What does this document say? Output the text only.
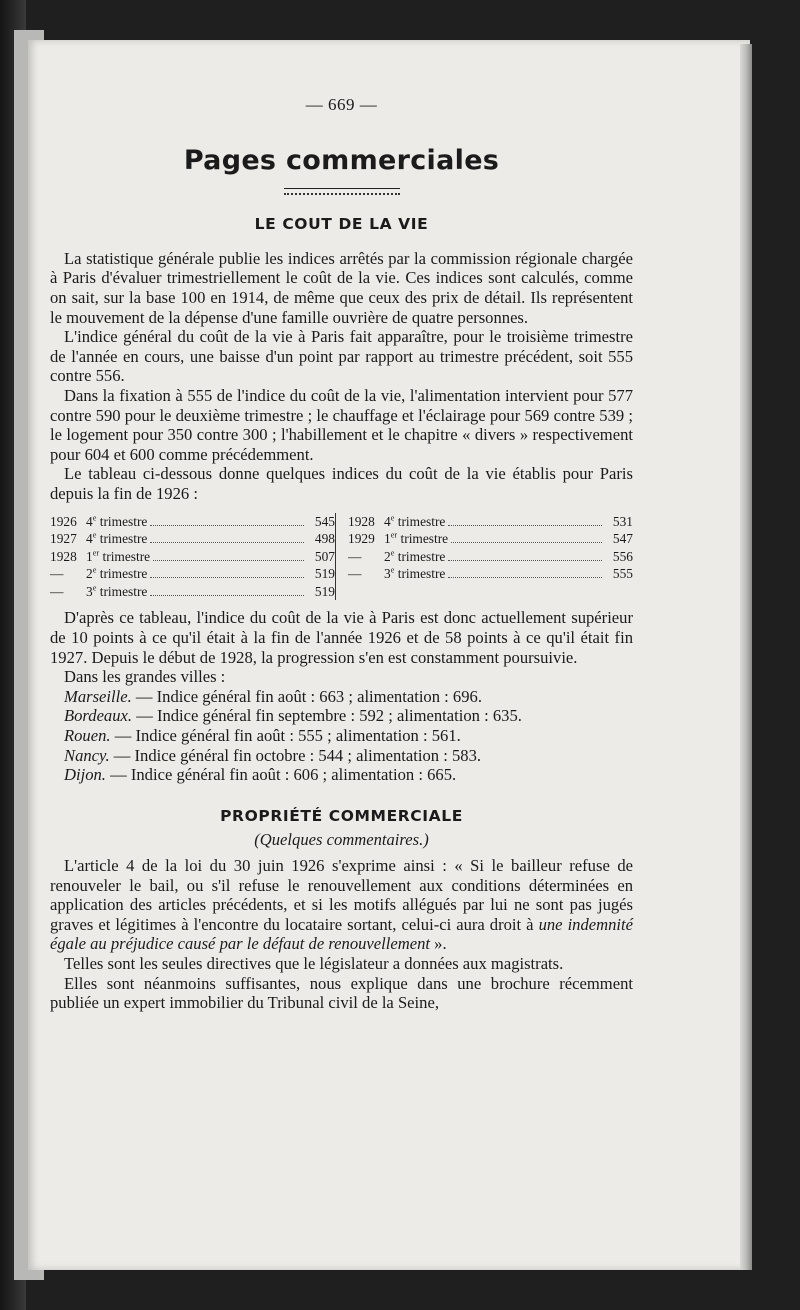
— 669 —
Pages commerciales
LE COUT DE LA VIE

La statistique générale publie les indices arrêtés par la commission régionale chargée à Paris d'évaluer trimestriellement le coût de la vie. Ces indices sont calculés, comme on sait, sur la base 100 en 1914, de même que ceux des prix de détail. Ils représentent le mouvement de la dépense d'une famille ouvrière de quatre personnes.

L'indice général du coût de la vie à Paris fait apparaître, pour le troisième trimestre de l'année en cours, une baisse d'un point par rapport au trimestre précédent, soit 555 contre 556.

Dans la fixation à 555 de l'indice du coût de la vie, l'alimentation intervient pour 577 contre 590 pour le deuxième trimestre ; le chauffage et l'éclairage pour 569 contre 539 ; le logement pour 350 contre 300 ; l'habillement et le chapitre « divers » respectivement pour 604 et 600 comme précédemment.

Le tableau ci-dessous donne quelques indices du coût de la vie établis pour Paris depuis la fin de 1926 :

1926 4e trimestre	545
1927 4e trimestre	498
1928 1er trimestre	507
—	2e trimestre	519
—	3e trimestre	519
1928 4e trimestre	531
1929 1er trimestre	547
—	2e trimestre	556
—	3e trimestre	555

D'après ce tableau, l'indice du coût de la vie à Paris est donc actuellement supérieur de 10 points à ce qu'il était à la fin de l'année 1926 et de 58 points à ce qu'il était fin 1927. Depuis le début de 1928, la progression s'en est constamment poursuivie.

Dans les grandes villes :

Marseille. — Indice général fin août : 663 ; alimentation : 696.

Bordeaux. — Indice général fin septembre : 592 ; alimentation : 635.

Rouen. — Indice général fin août : 555 ; alimentation : 561.

Nancy. — Indice général fin octobre : 544 ; alimentation : 583.

Dijon. — Indice général fin août : 606 ; alimentation : 665.

PROPRIÉTÉ COMMERCIALE
(Quelques commentaires.)

L'article 4 de la loi du 30 juin 1926 s'exprime ainsi : « Si le bailleur refuse de renouveler le bail, ou s'il refuse le renouvellement aux conditions déterminées en application des articles précédents, et si les motifs allégués par lui ne sont pas jugés graves et légitimes à l'encontre du locataire sortant, celui-ci aura droit à une indemnité égale au préjudice causé par le défaut de renouvellement ».

Telles sont les seules directives que le législateur a données aux magistrats.

Elles sont néanmoins suffisantes, nous explique dans une brochure récemment publiée un expert immobilier du Tribunal civil de la Seine,
